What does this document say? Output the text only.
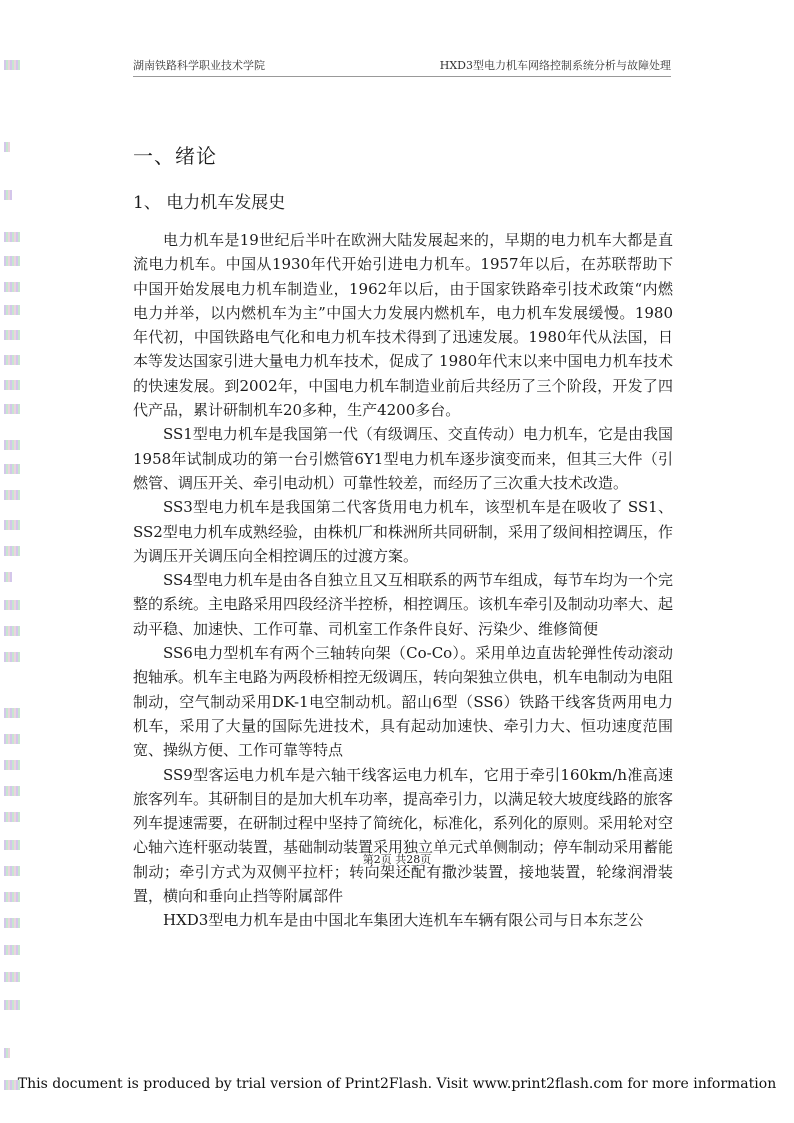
湖南铁路科学职业技术学院	HXD3型电力机车网络控制系统分析与故障处理
一、绪论
1、 电力机车发展史

电力机车是19世纪后半叶在欧洲大陆发展起来的，早期的电力机车大都是直流电力机车。中国从1930年代开始引进电力机车。1957年以后，在苏联帮助下中国开始发展电力机车制造业，1962年以后，由于国家铁路牵引技术政策“内燃电力并举，以内燃机车为主”中国大力发展内燃机车，电力机车发展缓慢。1980年代初，中国铁路电气化和电力机车技术得到了迅速发展。1980年代从法国，日本等发达国家引进大量电力机车技术，促成了 1980年代末以来中国电力机车技术的快速发展。到2002年，中国电力机车制造业前后共经历了三个阶段，开发了四代产品，累计研制机车20多种，生产4200多台。

SS1型电力机车是我国第一代（有级调压、交直传动）电力机车，它是由我国1958年试制成功的第一台引燃管6Y1型电力机车逐步演变而来，但其三大件（引燃管、调压开关、牵引电动机）可靠性较差，而经历了三次重大技术改造。

SS3型电力机车是我国第二代客货用电力机车，该型机车是在吸收了 SS1、SS2型电力机车成熟经验，由株机厂和株洲所共同研制，采用了级间相控调压，作为调压开关调压向全相控调压的过渡方案。

SS4型电力机车是由各自独立且又互相联系的两节车组成，每节车均为一个完整的系统。主电路采用四段经济半控桥，相控调压。该机车牵引及制动功率大、起动平稳、加速快、工作可靠、司机室工作条件良好、污染少、维修简便

SS6电力型机车有两个三轴转向架（Co-Co）。采用单边直齿轮弹性传动滚动抱轴承。机车主电路为两段桥相控无级调压，转向架独立供电，机车电制动为电阻制动，空气制动采用DK-1电空制动机。韶山6型（SS6）铁路干线客货两用电力机车，采用了大量的国际先进技术，具有起动加速快、牵引力大、恒功速度范围宽、操纵方便、工作可靠等特点

SS9型客运电力机车是六轴干线客运电力机车，它用于牵引160km/h准高速旅客列车。其研制目的是加大机车功率，提高牵引力，以满足较大坡度线路的旅客列车提速需要，在研制过程中坚持了简统化，标准化，系列化的原则。采用轮对空心轴六连杆驱动装置，基础制动装置采用独立单元式单侧制动；停车制动采用蓄能制动；牵引方式为双侧平拉杆；转向架还配有撒沙装置，接地装置，轮缘润滑装置，横向和垂向止挡等附属部件

HXD3型电力机车是由中国北车集团大连机车车辆有限公司与日本东芝公

第2页 共28页
This document is produced by trial version of Print2Flash. Visit www.print2flash.com for more information
